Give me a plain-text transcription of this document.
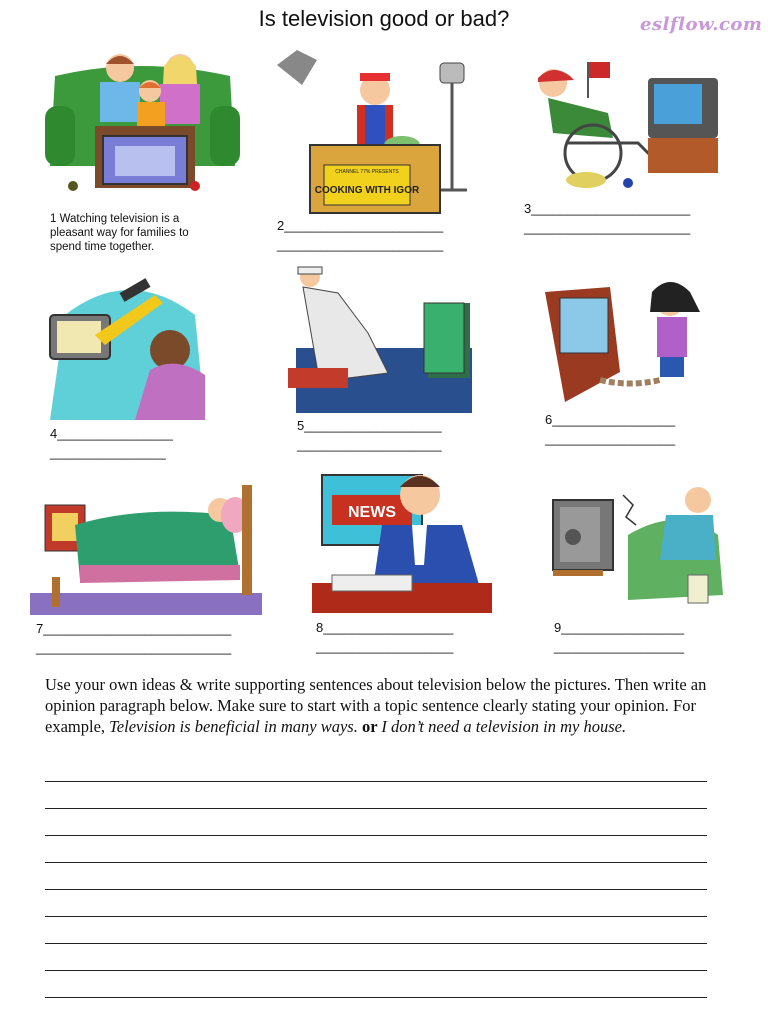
Is television good or bad?	eslflow.com
1 Watching television is a pleasant way for families to spend time together.
CHANNEL 77% PRESENTS
COOKING WITH IGOR
2______________________
_______________________
3______________________
_______________________
4________________
________________
5___________________
____________________
6_________________
__________________
7__________________________
___________________________
NEWS
8__________________
___________________
9_________________
__________________
Use your own ideas & write supporting sentences about television below the pictures. Then write an opinion paragraph below. Make sure to start with a topic sentence clearly stating your opinion. For example, Television is beneficial in many ways. or I don’t need a television in my house.
